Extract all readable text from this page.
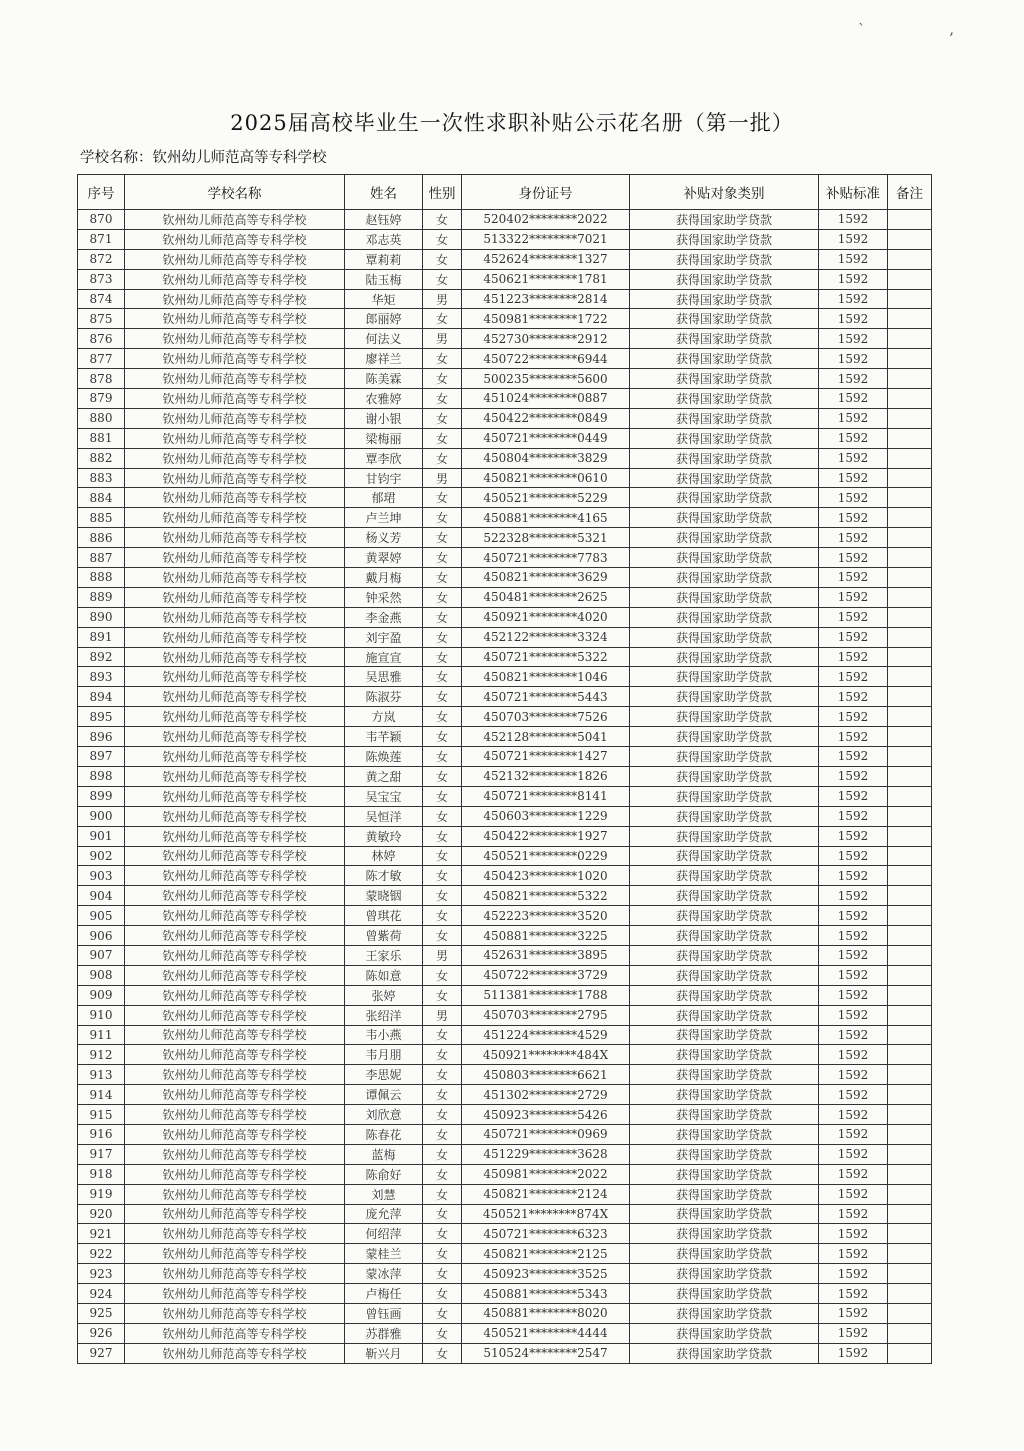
` ,
2025届高校毕业生一次性求职补贴公示花名册（第一批）
学校名称：钦州幼儿师范高等专科学校
序号	学校名称	姓名	性别	身份证号	补贴对象类别	补贴标准	备注
870	钦州幼儿师范高等专科学校	赵钰婷	女	520402********2022	获得国家助学贷款	1592	
871	钦州幼儿师范高等专科学校	邓志英	女	513322********7021	获得国家助学贷款	1592	
872	钦州幼儿师范高等专科学校	覃莉莉	女	452624********1327	获得国家助学贷款	1592	
873	钦州幼儿师范高等专科学校	陆玉梅	女	450621********1781	获得国家助学贷款	1592	
874	钦州幼儿师范高等专科学校	华矩	男	451223********2814	获得国家助学贷款	1592	
875	钦州幼儿师范高等专科学校	郎丽婷	女	450981********1722	获得国家助学贷款	1592	
876	钦州幼儿师范高等专科学校	何法义	男	452730********2912	获得国家助学贷款	1592	
877	钦州幼儿师范高等专科学校	廖祥兰	女	450722********6944	获得国家助学贷款	1592	
878	钦州幼儿师范高等专科学校	陈美霖	女	500235********5600	获得国家助学贷款	1592	
879	钦州幼儿师范高等专科学校	农雅婷	女	451024********0887	获得国家助学贷款	1592	
880	钦州幼儿师范高等专科学校	谢小银	女	450422********0849	获得国家助学贷款	1592	
881	钦州幼儿师范高等专科学校	梁梅丽	女	450721********0449	获得国家助学贷款	1592	
882	钦州幼儿师范高等专科学校	覃李欣	女	450804********3829	获得国家助学贷款	1592	
883	钦州幼儿师范高等专科学校	甘钧宇	男	450821********0610	获得国家助学贷款	1592	
884	钦州幼儿师范高等专科学校	郁珺	女	450521********5229	获得国家助学贷款	1592	
885	钦州幼儿师范高等专科学校	卢兰坤	女	450881********4165	获得国家助学贷款	1592	
886	钦州幼儿师范高等专科学校	杨义芳	女	522328********5321	获得国家助学贷款	1592	
887	钦州幼儿师范高等专科学校	黄翠婷	女	450721********7783	获得国家助学贷款	1592	
888	钦州幼儿师范高等专科学校	戴月梅	女	450821********3629	获得国家助学贷款	1592	
889	钦州幼儿师范高等专科学校	钟采然	女	450481********2625	获得国家助学贷款	1592	
890	钦州幼儿师范高等专科学校	李金燕	女	450921********4020	获得国家助学贷款	1592	
891	钦州幼儿师范高等专科学校	刘宇盈	女	452122********3324	获得国家助学贷款	1592	
892	钦州幼儿师范高等专科学校	施宣宣	女	450721********5322	获得国家助学贷款	1592	
893	钦州幼儿师范高等专科学校	吴思雅	女	450821********1046	获得国家助学贷款	1592	
894	钦州幼儿师范高等专科学校	陈淑芬	女	450721********5443	获得国家助学贷款	1592	
895	钦州幼儿师范高等专科学校	方岚	女	450703********7526	获得国家助学贷款	1592	
896	钦州幼儿师范高等专科学校	韦芊颖	女	452128********5041	获得国家助学贷款	1592	
897	钦州幼儿师范高等专科学校	陈焕莲	女	450721********1427	获得国家助学贷款	1592	
898	钦州幼儿师范高等专科学校	黄之甜	女	452132********1826	获得国家助学贷款	1592	
899	钦州幼儿师范高等专科学校	吴宝宝	女	450721********8141	获得国家助学贷款	1592	
900	钦州幼儿师范高等专科学校	吴恒洋	女	450603********1229	获得国家助学贷款	1592	
901	钦州幼儿师范高等专科学校	黄敏玲	女	450422********1927	获得国家助学贷款	1592	
902	钦州幼儿师范高等专科学校	林婷	女	450521********0229	获得国家助学贷款	1592	
903	钦州幼儿师范高等专科学校	陈才敏	女	450423********1020	获得国家助学贷款	1592	
904	钦州幼儿师范高等专科学校	蒙晓铟	女	450821********5322	获得国家助学贷款	1592	
905	钦州幼儿师范高等专科学校	曾琪花	女	452223********3520	获得国家助学贷款	1592	
906	钦州幼儿师范高等专科学校	曾紫荷	女	450881********3225	获得国家助学贷款	1592	
907	钦州幼儿师范高等专科学校	王家乐	男	452631********3895	获得国家助学贷款	1592	
908	钦州幼儿师范高等专科学校	陈如意	女	450722********3729	获得国家助学贷款	1592	
909	钦州幼儿师范高等专科学校	张婷	女	511381********1788	获得国家助学贷款	1592	
910	钦州幼儿师范高等专科学校	张绍洋	男	450703********2795	获得国家助学贷款	1592	
911	钦州幼儿师范高等专科学校	韦小燕	女	451224********4529	获得国家助学贷款	1592	
912	钦州幼儿师范高等专科学校	韦月朋	女	450921********484X	获得国家助学贷款	1592	
913	钦州幼儿师范高等专科学校	李思妮	女	450803********6621	获得国家助学贷款	1592	
914	钦州幼儿师范高等专科学校	谭佩云	女	451302********2729	获得国家助学贷款	1592	
915	钦州幼儿师范高等专科学校	刘欣意	女	450923********5426	获得国家助学贷款	1592	
916	钦州幼儿师范高等专科学校	陈春花	女	450721********0969	获得国家助学贷款	1592	
917	钦州幼儿师范高等专科学校	蓝梅	女	451229********3628	获得国家助学贷款	1592	
918	钦州幼儿师范高等专科学校	陈俞好	女	450981********2022	获得国家助学贷款	1592	
919	钦州幼儿师范高等专科学校	刘慧	女	450821********2124	获得国家助学贷款	1592	
920	钦州幼儿师范高等专科学校	庞允萍	女	450521********874X	获得国家助学贷款	1592	
921	钦州幼儿师范高等专科学校	何绍萍	女	450721********6323	获得国家助学贷款	1592	
922	钦州幼儿师范高等专科学校	蒙桂兰	女	450821********2125	获得国家助学贷款	1592	
923	钦州幼儿师范高等专科学校	蒙冰萍	女	450923********3525	获得国家助学贷款	1592	
924	钦州幼儿师范高等专科学校	卢梅任	女	450881********5343	获得国家助学贷款	1592	
925	钦州幼儿师范高等专科学校	曾钰画	女	450881********8020	获得国家助学贷款	1592	
926	钦州幼儿师范高等专科学校	苏群雅	女	450521********4444	获得国家助学贷款	1592	
927	钦州幼儿师范高等专科学校	靳兴月	女	510524********2547	获得国家助学贷款	1592	
